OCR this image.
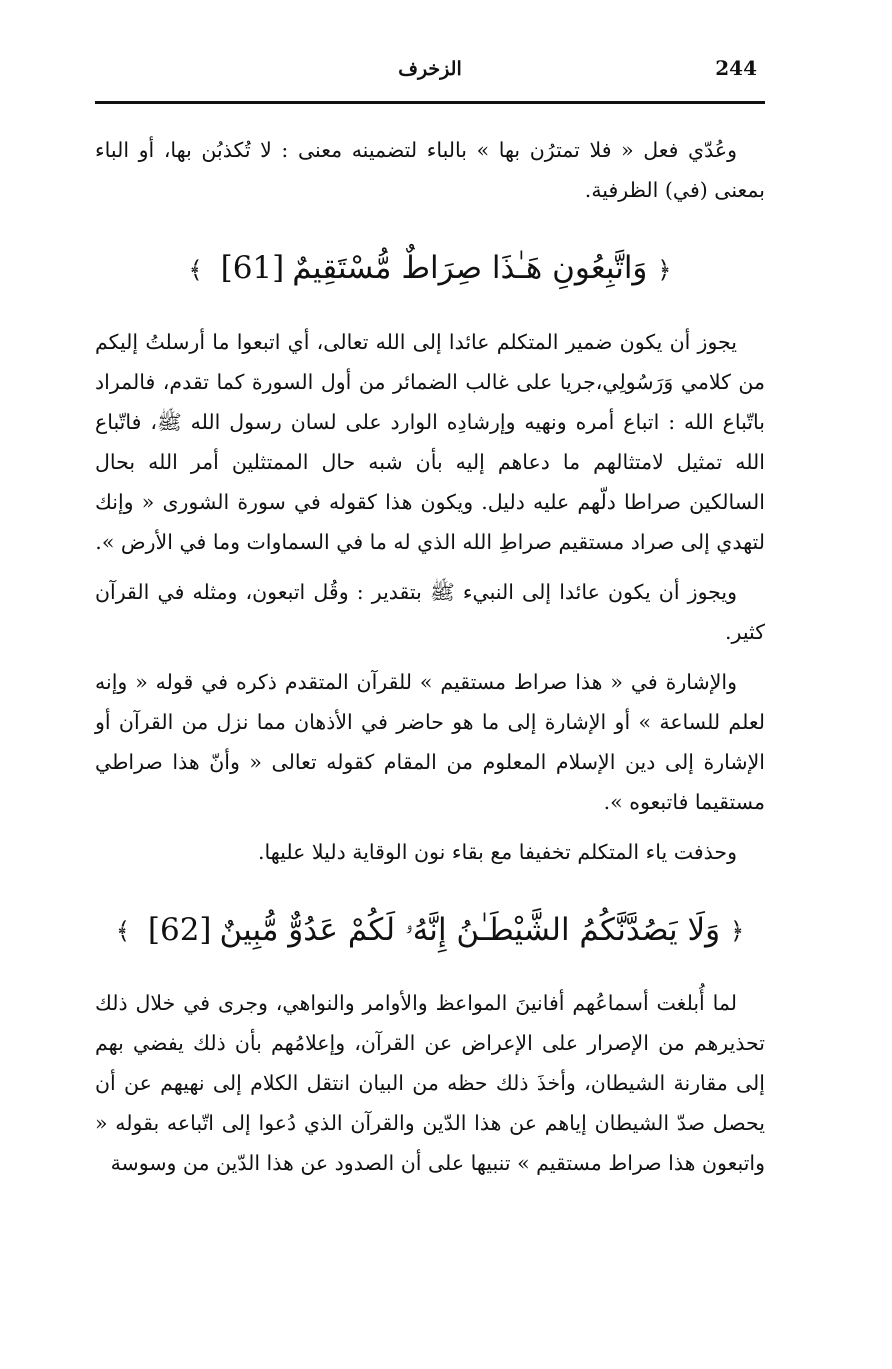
244
الزخرف

وعُدّي فعل « فلا تمترُن بها » بالباء لتضمينه معنى : لا تُكذبُن بها، أو الباء بمعنى (في) الظرفية.

﴿وَاتَّبِعُونِ هَـٰذَا صِرَاطٌ مُّسْتَقِيمٌ[61]﴾

يجوز أن يكون ضمير المتكلم عائدا إلى الله تعالى، أي اتبعوا ما أرسلتُ إليكم من كلامي وَرَسُولِي،جريا على غالب الضمائر من أول السورة كما تقدم، فالمراد باتّباع الله : اتباع أمره ونهيه وإرشادِه الوارد على لسان رسول الله ﷺ، فاتّباع الله تمثيل لامتثالهم ما دعاهم إليه بأن شبه حال الممتثلين أمر الله بحال السالكين صراطا دلّهم عليه دليل. ويكون هذا كقوله في سورة الشورى « وإنك لتهدي إلى صراد مستقيم صراطِ الله الذي له ما في السماوات وما في الأرض ».

ويجوز أن يكون عائدا إلى النبيء ﷺ بتقدير : وقُل اتبعون، ومثله في القرآن كثير.

والإشارة في « هذا صراط مستقيم » للقرآن المتقدم ذكره في قوله « وإنه لعلم للساعة » أو الإشارة إلى ما هو حاضر في الأذهان مما نزل من القرآن أو الإشارة إلى دين الإسلام المعلوم من المقام كقوله تعالى « وأنّ هذا صراطي مستقيما فاتبعوه ».

وحذفت ياء المتكلم تخفيفا مع بقاء نون الوقاية دليلا عليها.

﴿وَلَا يَصُدَّنَّكُمُ الشَّيْطَـٰنُ إِنَّهُۥ لَكُمْ عَدُوٌّ مُّبِينٌ[62]﴾

لما أُبلغت أسماعُهم أفانينَ المواعظ والأوامر والنواهي، وجرى في خلال ذلك تحذيرهم من الإصرار على الإعراض عن القرآن، وإعلامُهم بأن ذلك يفضي بهم إلى مقارنة الشيطان، وأخذَ ذلك حظه من البيان انتقل الكلام إلى نهيهم عن أن يحصل صدّ الشيطان إياهم عن هذا الدّين والقرآن الذي دُعوا إلى اتّباعه بقوله « واتبعون هذا صراط مستقيم » تنبيها على أن الصدود عن هذا الدّين من وسوسة
